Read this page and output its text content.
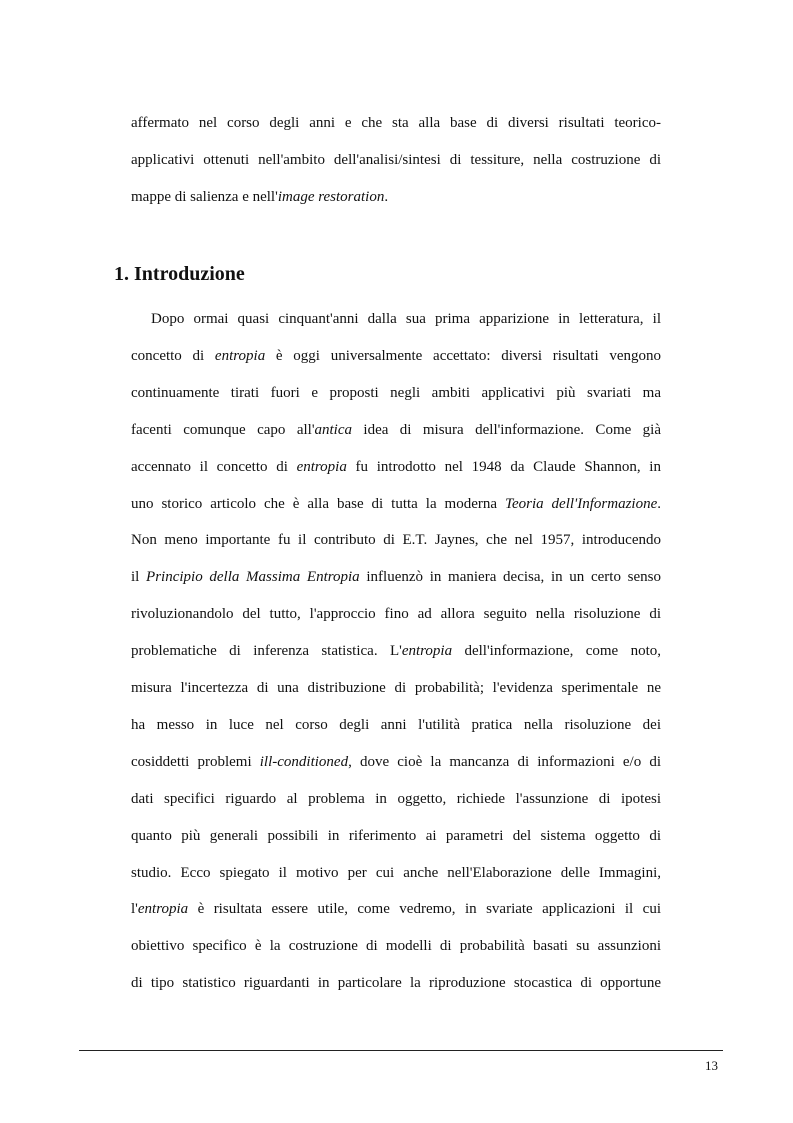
affermato nel corso degli anni e che sta alla base di diversi risultati teorico-
applicativi ottenuti nell'ambito dell'analisi/sintesi di tessiture, nella costruzione di
mappe di salienza e nell'image restoration.
1. Introduzione
Dopo ormai quasi cinquant'anni dalla sua prima apparizione in letteratura, il
concetto di entropia è oggi universalmente accettato: diversi risultati vengono
continuamente tirati fuori e proposti negli ambiti applicativi più svariati ma
facenti comunque capo all'antica idea di misura dell'informazione. Come già
accennato il concetto di entropia fu introdotto nel 1948 da Claude Shannon, in
uno storico articolo che è alla base di tutta la moderna Teoria dell'Informazione.
Non meno importante fu il contributo di E.T. Jaynes, che nel 1957, introducendo
il Principio della Massima Entropia influenzò in maniera decisa, in un certo senso
rivoluzionandolo del tutto, l'approccio fino ad allora seguito nella risoluzione di
problematiche di inferenza statistica. L'entropia dell'informazione, come noto,
misura l'incertezza di una distribuzione di probabilità; l'evidenza sperimentale ne
ha messo in luce nel corso degli anni l'utilità pratica nella risoluzione dei
cosiddetti problemi ill-conditioned, dove cioè la mancanza di informazioni e/o di
dati specifici riguardo al problema in oggetto, richiede l'assunzione di ipotesi
quanto più generali possibili in riferimento ai parametri del sistema oggetto di
studio. Ecco spiegato il motivo per cui anche nell'Elaborazione delle Immagini,
l'entropia è risultata essere utile, come vedremo, in svariate applicazioni il cui
obiettivo specifico è la costruzione di modelli di probabilità basati su assunzioni
di tipo statistico riguardanti in particolare la riproduzione stocastica di opportune
13
